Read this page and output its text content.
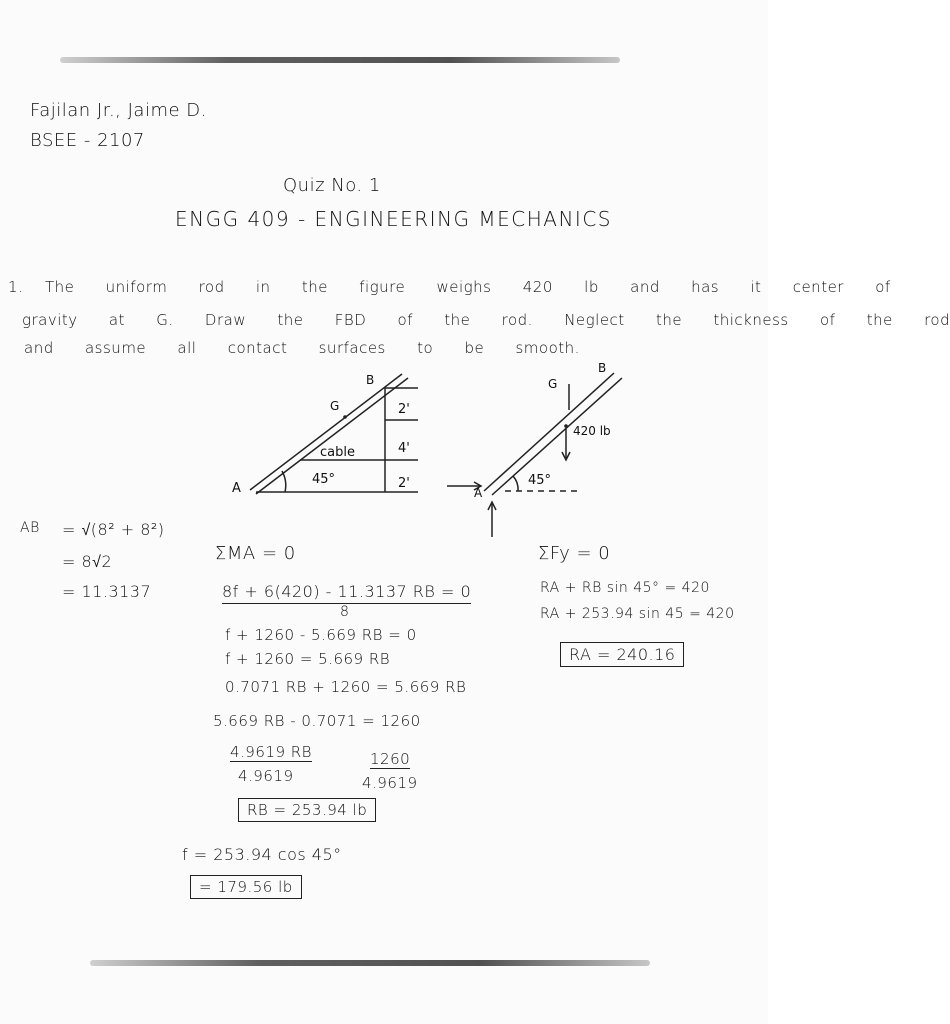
Fajilan Jr., Jaime D.
BSEE - 2107
Quiz No. 1
ENGG 409 - ENGINEERING MECHANICS
1. The uniform rod in the figure weighs 420 lb and has it center of
gravity at G. Draw the FBD of the rod. Neglect the thickness of the rod
and assume all contact surfaces to be smooth.
B
G
A
cable
45°
2'
4'
2'
B
G
A
420 lb
45°
AB = √(8² + 8²)
= 8√2
= 11.3137
ΣMA = 0
8f + 6(420) - 11.3137 RB = 0
8
f + 1260 - 5.669 RB = 0
f + 1260 = 5.669 RB
0.7071 RB + 1260 = 5.669 RB
5.669 RB - 0.7071 = 1260
4.9619 RB
4.9619
1260
4.9619
RB = 253.94 lb
f = 253.94 cos 45°
= 179.56 lb
ΣFy = 0
RA + RB sin 45° = 420
RA + 253.94 sin 45 = 420
RA = 240.16
